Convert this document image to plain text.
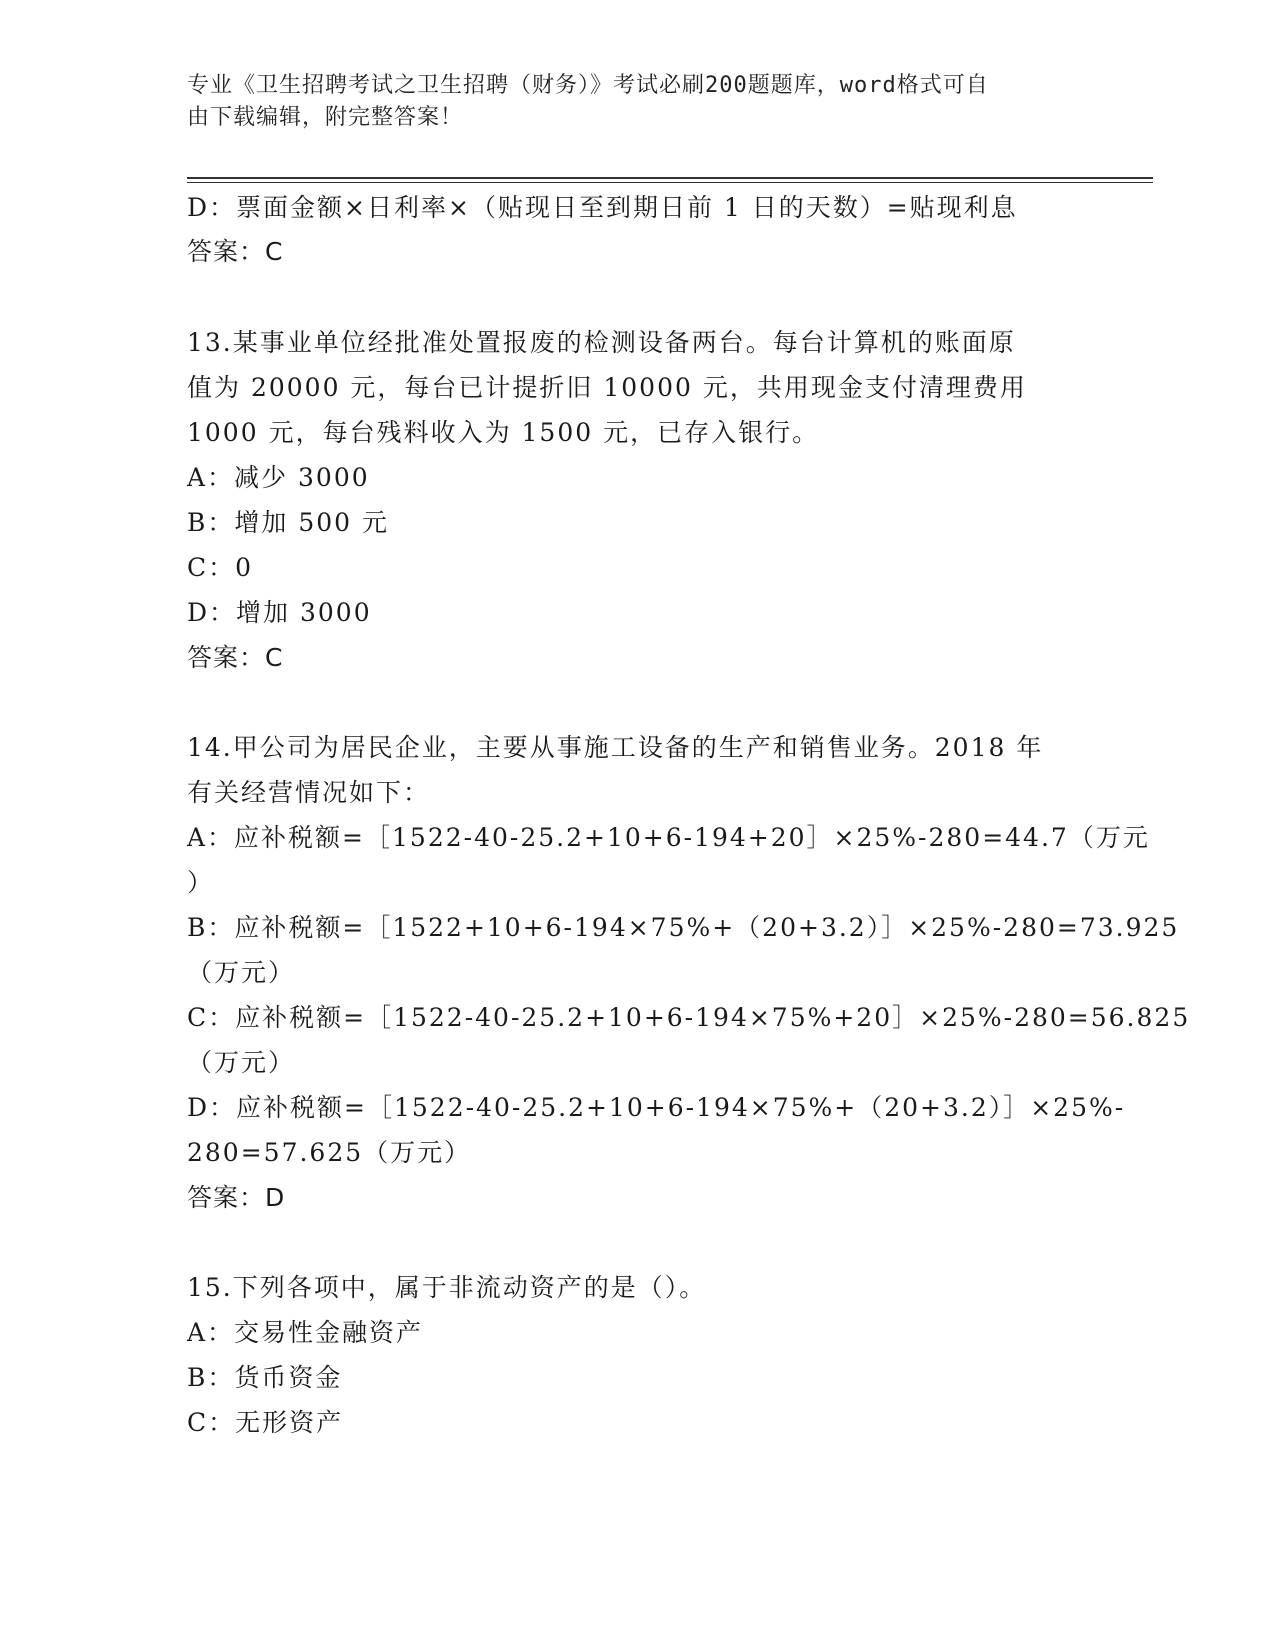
专业《卫生招聘考试之卫生招聘（财务）》考试必刷200题题库，word格式可自
由下载编辑，附完整答案！
D：票面金额×日利率×（贴现日至到期日前 1 日的天数）=贴现利息
答案：C
13.某事业单位经批准处置报废的检测设备两台。每台计算机的账面原
值为 20000 元，每台已计提折旧 10000 元，共用现金支付清理费用
1000 元，每台残料收入为 1500 元，已存入银行。
A：减少 3000
B：增加 500 元
C：0
D：增加 3000
答案：C
14.甲公司为居民企业，主要从事施工设备的生产和销售业务。2018 年
有关经营情况如下：
A：应补税额=［1522-40-25.2+10+6-194+20］×25%-280=44.7（万元
）
B：应补税额=［1522+10+6-194×75%+（20+3.2）］×25%-280=73.925
（万元）
C：应补税额=［1522-40-25.2+10+6-194×75%+20］×25%-280=56.825
（万元）
D：应补税额=［1522-40-25.2+10+6-194×75%+（20+3.2）］×25%-
280=57.625（万元）
答案：D
15.下列各项中，属于非流动资产的是（）。
A：交易性金融资产
B：货币资金
C：无形资产
